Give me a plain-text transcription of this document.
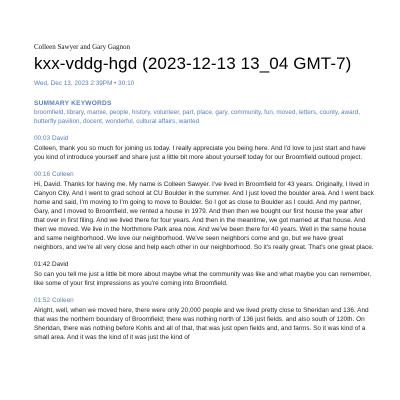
Colleen Sawyer and Gary Gagnon

kxx-vddg-hgd (2023-12-13 13_04 GMT-7)
Wed, Dec 13, 2023 2:39PM • 30:10
SUMMARY KEYWORDS
broomfield, library, mamie, people, history, volunteer, part, place, gary, community, fun, moved, letters, county, award, butterfly pavilion, docent, wonderful, cultural affairs, wanted
00:03 David
Colleen, thank you so much for joining us today. I really appreciate you being here. And I'd love to just start and have you kind of introduce yourself and share just a little bit more about yourself today for our Broomfield outloud project.
00:16 Colleen
Hi, David. Thanks for having me. My name is Colleen Sawyer. I've lived in Broomfield for 43 years. Originally, I lived in Canyon City. And I went to grad school at CU Boulder in the summer. And I just loved the boulder area. And I went back home and said, I'm moving to I'm going to move to Boulder. So I got as close to Boulder as I could. And my partner, Gary, and I moved to Broomfield, we rented a house in 1979. And then then we bought our first house the year after that over in first filing. And we lived there for four years. And then in the meantime, we got married at that house. And then we moved. We live in the Northmore Park area now. And we've been there for 40 years. Well in the same house and same neighborhood. We love our neighborhood. We've seen neighbors come and go, but we have great neighbors, and we're all very close and help each other in our neighborhood. So it's really great. That's one great place.
01:42 David
So can you tell me just a little bit more about maybe what the community was like and what maybe you can remember, like some of your first impressions as you're coming into Broomfield.
01:52 Colleen
Alright, well, when we moved here, there were only 20,000 people and we lived pretty close to Sheridan and 136. And that was the northern boundary of Broomfield; there was nothing north of 136 just fields. and also south of 120th. On Sheridan, there was nothing before Kohls and all of that, that was just open fields and, and farms. So it was kind of a small area. And it was the kind of it was just the kind of
